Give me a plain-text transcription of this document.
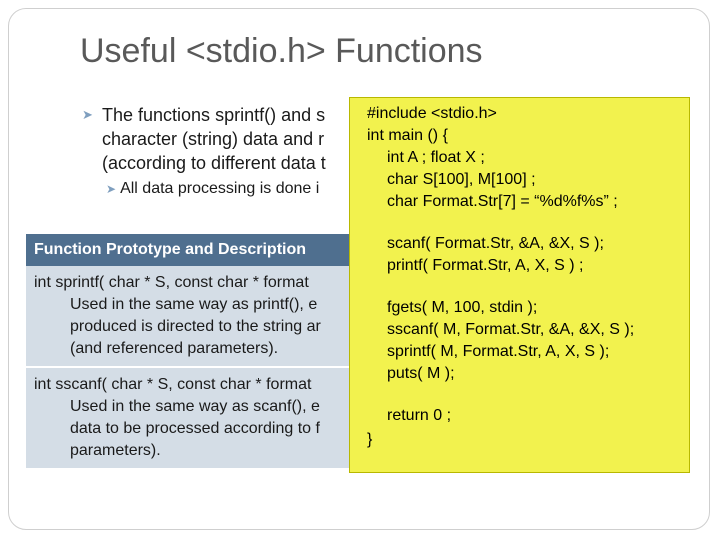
Useful <stdio.h> Functions
➤ The functions sprintf() and s
character (string) data and r
(according to different data t
➤ All data processing is done i
Function Prototype and Description
int sprintf( char * S, const char * format
Used in the same way as printf(), e
produced is directed to the string ar
(and referenced parameters).
int sscanf( char * S, const char * format
Used in the same way as scanf(), e
data to be processed according to f
parameters).
#include <stdio.h>
int main () {
int A ; float X ;
char S[100], M[100] ;
char Format.Str[7] = “%d%f%s” ;
scanf( Format.Str, &A, &X, S );
printf( Format.Str, A, X, S ) ;
fgets( M, 100, stdin );
sscanf( M, Format.Str, &A, &X, S );
sprintf( M, Format.Str, A, X, S );
puts( M );
return 0 ;
}
